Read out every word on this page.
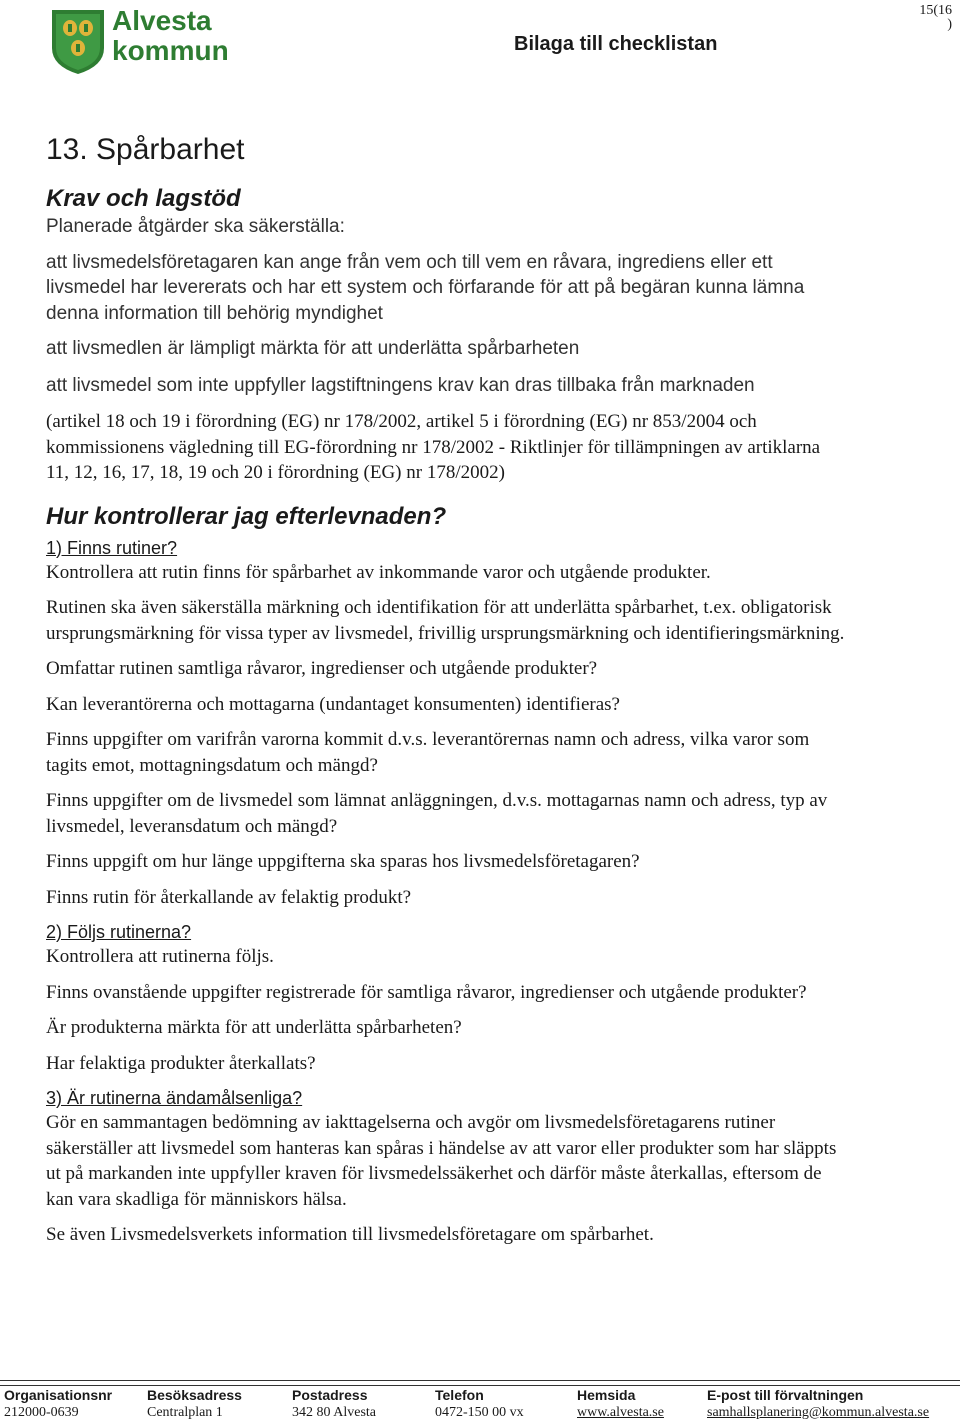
Alvesta
kommun	Bilaga till checklistan
15(16
)
13. Spårbarhet
Krav och lagstöd

Planerade åtgärder ska säkerställa:

att livsmedelsföretagaren kan ange från vem och till vem en råvara, ingrediens eller ett livsmedel har levererats och har ett system och förfarande för att på begäran kunna lämna denna information till behörig myndighet

att livsmedlen är lämpligt märkta för att underlätta spårbarheten

att livsmedel som inte uppfyller lagstiftningens krav kan dras tillbaka från marknaden

(artikel 18 och 19 i förordning (EG) nr 178/2002, artikel 5 i förordning (EG) nr 853/2004 och kommissionens vägledning till EG-förordning nr 178/2002 - Riktlinjer för tillämpningen av artiklarna 11, 12, 16, 17, 18, 19 och 20 i förordning (EG) nr 178/2002)

Hur kontrollerar jag efterlevnaden?
1) Finns rutiner?

Kontrollera att rutin finns för spårbarhet av inkommande varor och utgående produkter.

Rutinen ska även säkerställa märkning och identifikation för att underlätta spårbarhet, t.ex. obligatorisk ursprungsmärkning för vissa typer av livsmedel, frivillig ursprungsmärkning och identifieringsmärkning.

Omfattar rutinen samtliga råvaror, ingredienser och utgående produkter?

Kan leverantörerna och mottagarna (undantaget konsumenten) identifieras?

Finns uppgifter om varifrån varorna kommit d.v.s. leverantörernas namn och adress, vilka varor som tagits emot, mottagningsdatum och mängd?

Finns uppgifter om de livsmedel som lämnat anläggningen, d.v.s. mottagarnas namn och adress, typ av livsmedel, leveransdatum och mängd?

Finns uppgift om hur länge uppgifterna ska sparas hos livsmedelsföretagaren?

Finns rutin för återkallande av felaktig produkt?

2) Följs rutinerna?

Kontrollera att rutinerna följs.

Finns ovanstående uppgifter registrerade för samtliga råvaror, ingredienser och utgående produkter?

Är produkterna märkta för att underlätta spårbarheten?

Har felaktiga produkter återkallats?

3) Är rutinerna ändamålsenliga?

Gör en sammantagen bedömning av iakttagelserna och avgör om livsmedelsföretagarens rutiner säkerställer att livsmedel som hanteras kan spåras i händelse av att varor eller produkter som har släppts ut på markanden inte uppfyller kraven för livsmedelssäkerhet och därför måste återkallas, eftersom de kan vara skadliga för människors hälsa.

Se även Livsmedelsverkets information till livsmedelsföretagare om spårbarhet.

Organisationsnr
212000-0639
Besöksadress
Centralplan 1
Postadress
342 80 Alvesta
Telefon
0472-150 00 vx
Hemsida
www.alvesta.se
E-post till förvaltningen
samhallsplanering@kommun.alvesta.se
